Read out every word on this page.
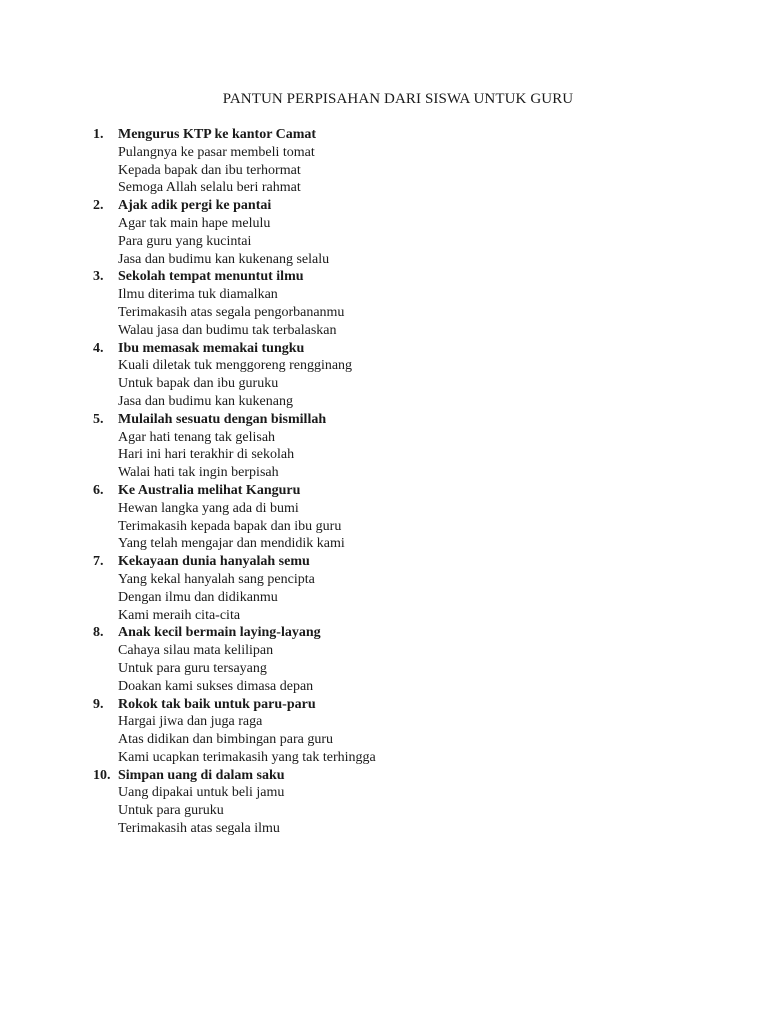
PANTUN PERPISAHAN DARI SISWA UNTUK GURU
1. Mengurus KTP ke kantor Camat
Pulangnya ke pasar membeli tomat
Kepada bapak dan ibu terhormat
Semoga Allah selalu beri rahmat
2. Ajak adik pergi ke pantai
Agar tak main hape melulu
Para guru yang kucintai
Jasa dan budimu kan kukenang selalu
3. Sekolah tempat menuntut ilmu
Ilmu diterima tuk diamalkan
Terimakasih atas segala pengorbananmu
Walau jasa dan budimu tak terbalaskan
4. Ibu memasak memakai tungku
Kuali diletak tuk menggoreng rengginang
Untuk bapak dan ibu guruku
Jasa dan budimu kan kukenang
5. Mulailah sesuatu dengan bismillah
Agar hati tenang tak gelisah
Hari ini hari terakhir di sekolah
Walai hati tak ingin berpisah
6. Ke Australia melihat Kanguru
Hewan langka yang ada di bumi
Terimakasih kepada bapak dan ibu guru
Yang telah mengajar dan mendidik kami
7. Kekayaan dunia hanyalah semu
Yang kekal hanyalah sang pencipta
Dengan ilmu dan didikanmu
Kami meraih cita-cita
8. Anak kecil bermain laying-layang
Cahaya silau mata kelilipan
Untuk para guru tersayang
Doakan kami sukses dimasa depan
9. Rokok tak baik untuk paru-paru
Hargai jiwa dan juga raga
Atas didikan dan bimbingan para guru
Kami ucapkan terimakasih yang tak terhingga
10. Simpan uang di dalam saku
Uang dipakai untuk beli jamu
Untuk para guruku
Terimakasih atas segala ilmu
